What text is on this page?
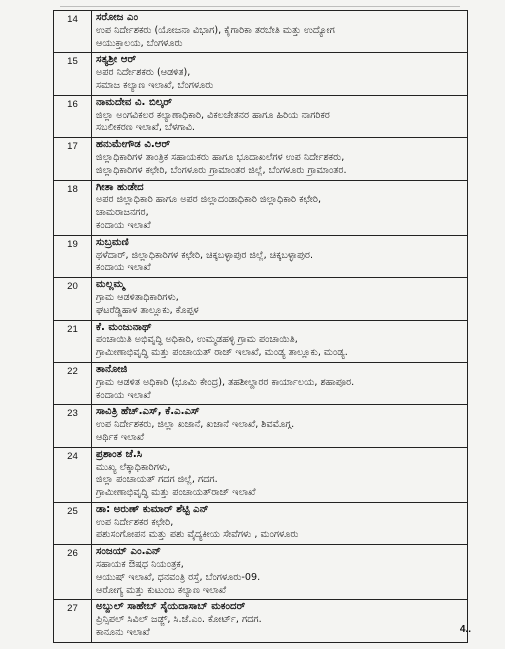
14	ಸರೋಜ ಎಂ
ಉಪ ನಿರ್ದೇಶಕರು (ಯೋಜನಾ ವಿಭಾಗ), ಕೈಗಾರಿಕಾ ತರಬೇತಿ ಮತ್ತು ಉದ್ಯೋಗ
ಆಯುಕ್ತಾಲಯ, ಬೆಂಗಳೂರು

15	ಸತ್ಯಶ್ರೀ ಆರ್
ಅಪರ ನಿರ್ದೇಶಕರು (ಆಡಳಿತ),
ಸಮಾಜ ಕಲ್ಯಾಣ ಇಲಾಖೆ, ಬೆಂಗಳೂರು

16	ನಾಮದೇವ ವಿ. ಬಿಲ್ಕರ್
ಜಿಲ್ಲಾ ಅಂಗವಿಕಲರ ಕಲ್ಯಾಣಾಧಿಕಾರಿ, ವಿಕಲಚೇತನರ ಹಾಗೂ ಹಿರಿಯ ನಾಗರಿಕರ
ಸಬಲೀಕರಣ ಇಲಾಖೆ, ಬೆಳಗಾವಿ.

17	ಹನುಮೇಗೌಡ ವಿ.ಆರ್
ಜಿಲ್ಲಾಧಿಕಾರಿಗಳ ತಾಂತ್ರಿಕ ಸಹಾಯಕರು ಹಾಗೂ ಭೂದಾಖಲೆಗಳ ಉಪ ನಿರ್ದೇಶಕರು,
ಜಿಲ್ಲಾಧಿಕಾರಿಗಳ ಕಛೇರಿ, ಬೆಂಗಳೂರು ಗ್ರಾಮಾಂತರ ಜಿಲ್ಲೆ, ಬೆಂಗಳೂರು ಗ್ರಾಮಾಂತರ.

18	ಗೀತಾ ಹುಡೇದ
ಅಪರ ಜಿಲ್ಲಾಧಿಕಾರಿ ಹಾಗೂ ಅಪರ ಜಿಲ್ಲಾದಂಡಾಧಿಕಾರಿ ಜಿಲ್ಲಾಧಿಕಾರಿ ಕಛೇರಿ,
ಚಾಮರಾಜನಗರ,
ಕಂದಾಯ ಇಲಾಖೆ

19	ಸುಬ್ರಮಣಿ
ಥಳೆದಾರ್, ಜಿಲ್ಲಾಧಿಕಾರಿಗಳ ಕಛೇರಿ, ಚಿಕ್ಕಬಳ್ಳಾಪುರ ಜಿಲ್ಲೆ, ಚಿಕ್ಕಬಳ್ಳಾಪುರ.
ಕಂದಾಯ ಇಲಾಖೆ

20	ಮಲ್ಲಮ್ಮ
ಗ್ರಾಮ ಆಡಳಿತಾಧಿಕಾರಿಗಳು,
ಘಟರೆಡ್ಡಿಹಾಳ ತಾಲ್ಲೂಕು, ಕೊಪ್ಪಳ

21	ಕೆ. ಮಂಜುನಾಥ್
ಪಂಚಾಯಿತಿ ಅಭಿವೃದ್ಧಿ ಅಧಿಕಾರಿ, ಉಮ್ಮಡಹಳ್ಳಿ ಗ್ರಾಮ ಪಂಚಾಯಿತಿ,
ಗ್ರಾಮೀಣಾಭಿವೃದ್ಧಿ ಮತ್ತು ಪಂಚಾಯತ್ ರಾಜ್ ಇಲಾಖೆ, ಮಂಡ್ಯ ತಾಲ್ಲೂಕು, ಮಂಡ್ಯ.

22	ತಾನೋಜಿ
ಗ್ರಾಮ ಆಡಳಿತ ಅಧಿಕಾರಿ (ಭೂಮಿ ಕೇಂದ್ರ), ತಹಶೀಲ್ದಾರರ ಕಾರ್ಯಾಲಯ, ಶಹಾಪೂರ.
ಕಂದಾಯ ಇಲಾಖೆ

23	ಸಾವಿತ್ರಿ ಹೆಚ್.ಎಸ್, ಕೆ.ಎ.ಎಸ್
ಉಪ ನಿರ್ದೇಶಕರು, ಜಿಲ್ಲಾ ಖಜಾನೆ, ಖಜಾನೆ ಇಲಾಖೆ, ಶಿವಮೊಗ್ಗ.
ಆರ್ಥಿಕ ಇಲಾಖೆ

24	ಪ್ರಶಾಂತ ಜೆ.ಸಿ
ಮುಖ್ಯ ಲೆಕ್ಕಾಧಿಕಾರಿಗಳು,
ಜಿಲ್ಲಾ ಪಂಚಾಯತ್ ಗದಗ ಜಿಲ್ಲೆ, ಗದಗ.
ಗ್ರಾಮೀಣಾಭಿವೃದ್ಧಿ ಮತ್ತು ಪಂಚಾಯತ್‌ರಾಜ್ ಇಲಾಖೆ

25	ಡಾ: ಅರುಣ್ ಕುಮಾರ್ ಶೆಟ್ಟಿ ಎನ್
ಉಪ ನಿರ್ದೇಶಕರ ಕಛೇರಿ,
ಪಶುಸಂಗೋಪನ ಮತ್ತು ಪಶು ವೈದ್ಯಕೀಯ ಸೇವೆಗಳು , ಮಂಗಳೂರು

26	ಸಂಜಯ್ ಎಂ.ಎನ್
ಸಹಾಯಕ ಔಷಧ ನಿಯಂತ್ರಕ,
ಆಯುಷ್ ಇಲಾಖೆ, ಧನವಂತ್ರಿ ರಸ್ತೆ, ಬೆಂಗಳೂರು-09.
ಆರೋಗ್ಯ ಮತ್ತು ಕುಟುಂಬ ಕಲ್ಯಾಣ ಇಲಾಖೆ

27	ಅಬ್ದುಲ್ ಸಾಹೇಬ್ ಸೈಯದಾಸಾಬ್ ಮಕಂದರ್
ಪ್ರಿನ್ಸಿಪಲ್ ಸಿವಿಲ್ ಜಡ್ಜ್, ಸಿ.ಜೆ.ಎಂ. ಕೋರ್ಟ್, ಗದಗ.
ಕಾನೂನು ಇಲಾಖೆ	4..
